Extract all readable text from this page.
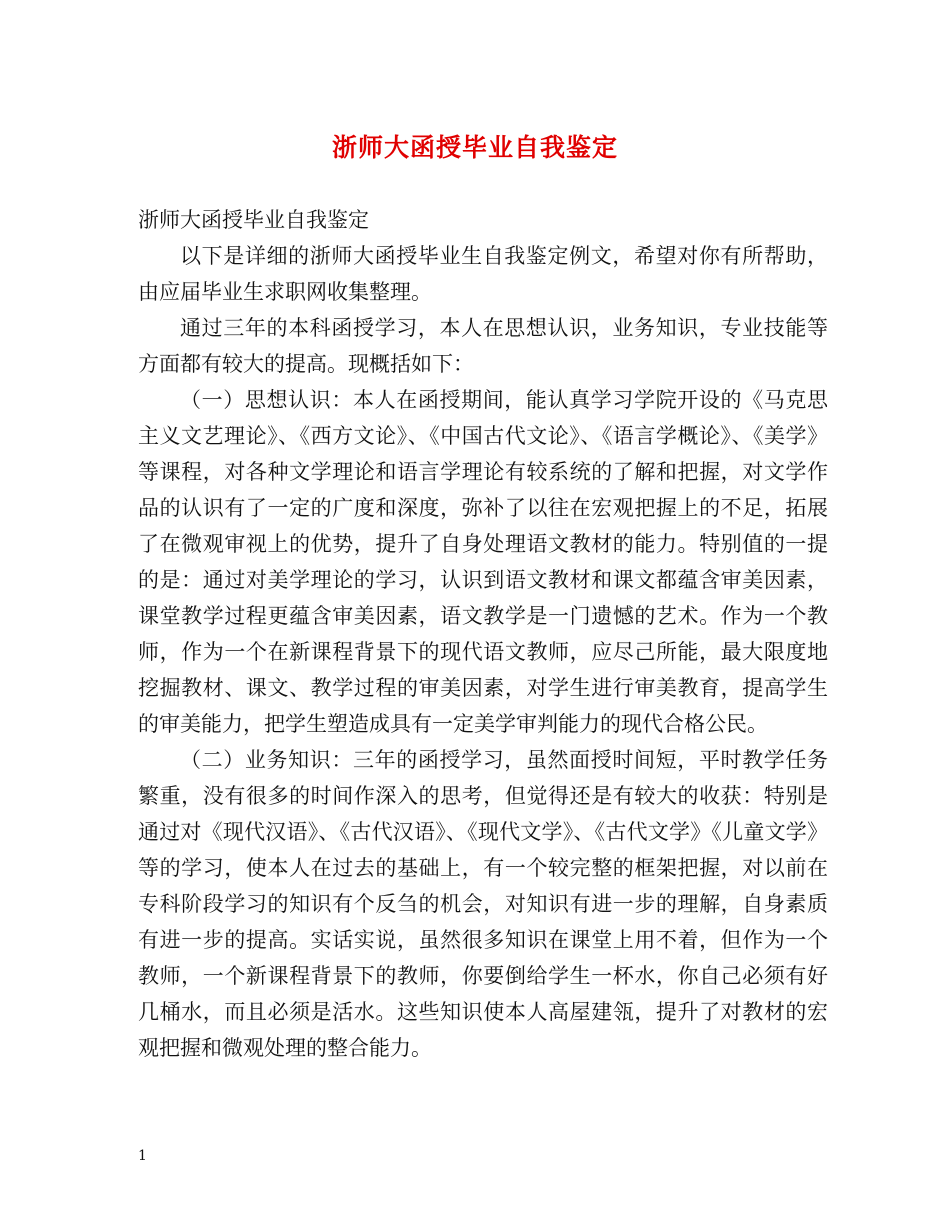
浙师大函授毕业自我鉴定

浙师大函授毕业自我鉴定

以下是详细的浙师大函授毕业生自我鉴定例文，希望对你有所帮助，由应届毕业生求职网收集整理。

通过三年的本科函授学习，本人在思想认识，业务知识，专业技能等方面都有较大的提高。现概括如下：

（一）思想认识：本人在函授期间，能认真学习学院开设的《马克思主义文艺理论》、《西方文论》、《中国古代文论》、《语言学概论》、《美学》等课程，对各种文学理论和语言学理论有较系统的了解和把握，对文学作品的认识有了一定的广度和深度，弥补了以往在宏观把握上的不足，拓展了在微观审视上的优势，提升了自身处理语文教材的能力。特别值的一提的是：通过对美学理论的学习，认识到语文教材和课文都蕴含审美因素，课堂教学过程更蕴含审美因素，语文教学是一门遗憾的艺术。作为一个教师，作为一个在新课程背景下的现代语文教师，应尽己所能，最大限度地挖掘教材、课文、教学过程的审美因素，对学生进行审美教育，提高学生的审美能力，把学生塑造成具有一定美学审判能力的现代合格公民。

（二）业务知识：三年的函授学习，虽然面授时间短，平时教学任务繁重，没有很多的时间作深入的思考，但觉得还是有较大的收获：特别是通过对《现代汉语》、《古代汉语》、《现代文学》、《古代文学》《儿童文学》等的学习，使本人在过去的基础上，有一个较完整的框架把握，对以前在专科阶段学习的知识有个反刍的机会，对知识有进一步的理解，自身素质有进一步的提高。实话实说，虽然很多知识在课堂上用不着，但作为一个教师，一个新课程背景下的教师，你要倒给学生一杯水，你自己必须有好几桶水，而且必须是活水。这些知识使本人高屋建瓴，提升了对教材的宏观把握和微观处理的整合能力。

1
